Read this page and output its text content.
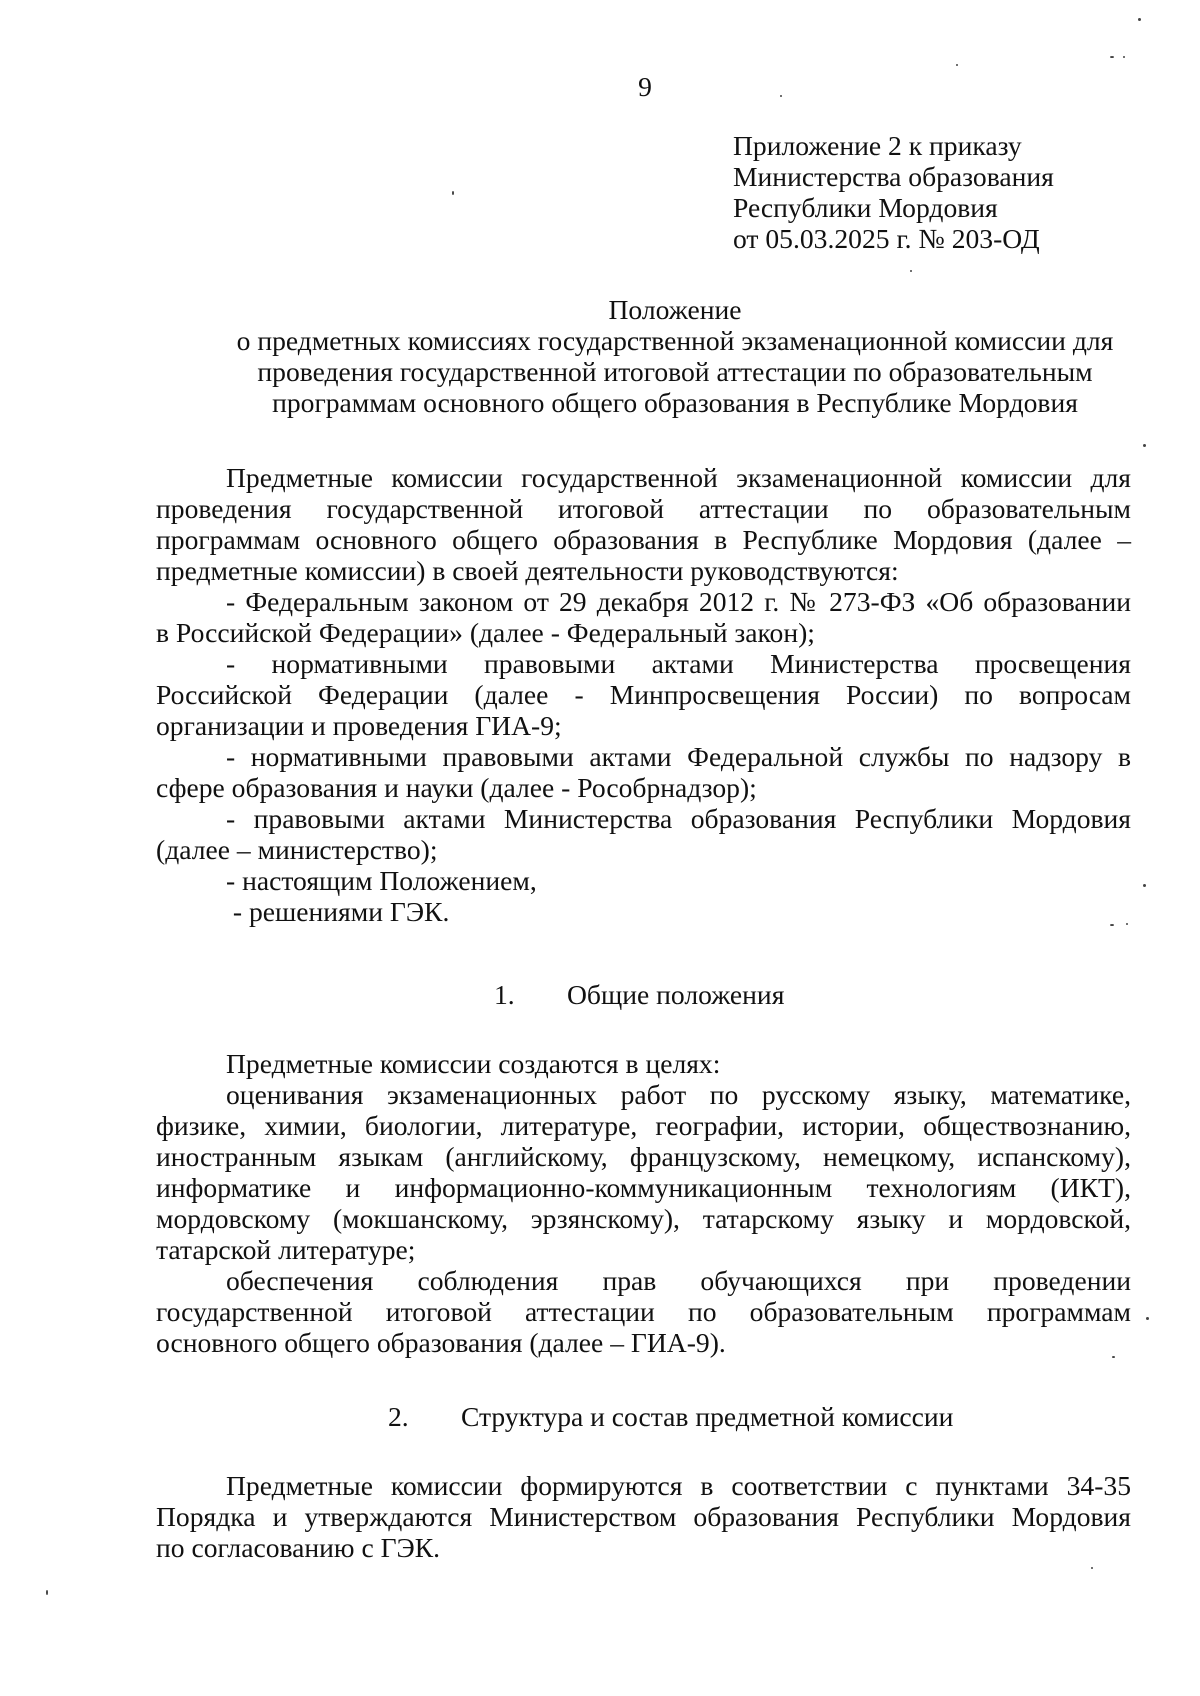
9
Приложение 2 к приказу
Министерства образования
Республики Мордовия
от 05.03.2025 г. № 203-ОД
Положение
о предметных комиссиях государственной экзаменационной комиссии для
проведения государственной итоговой аттестации по образовательным
программам основного общего образования в Республике Мордовия
Предметные комиссии государственной экзаменационной комиссии для
проведения государственной итоговой аттестации по образовательным
программам основного общего образования в Республике Мордовия (далее –
предметные комиссии) в своей деятельности руководствуются:
- Федеральным законом от 29 декабря 2012 г. № 273-ФЗ «Об образовании
в Российской Федерации» (далее - Федеральный закон);
- нормативными правовыми актами Министерства просвещения
Российской Федерации (далее - Минпросвещения России) по вопросам
организации и проведения ГИА-9;
- нормативными правовыми актами Федеральной службы по надзору в
сфере образования и науки (далее - Рособрнадзор);
- правовыми актами Министерства образования Республики Мордовия
(далее – министерство);
- настоящим Положением,
- решениями ГЭК.
1. Общие положения
Предметные комиссии создаются в целях:
оценивания экзаменационных работ по русскому языку, математике,
физике, химии, биологии, литературе, географии, истории, обществознанию,
иностранным языкам (английскому, французскому, немецкому, испанскому),
информатике и информационно-коммуникационным технологиям (ИКТ),
мордовскому (мокшанскому, эрзянскому), татарскому языку и мордовской,
татарской литературе;
обеспечения соблюдения прав обучающихся при проведении
государственной итоговой аттестации по образовательным программам
основного общего образования (далее – ГИА-9).
2. Структура и состав предметной комиссии
Предметные комиссии формируются в соответствии с пунктами 34-35
Порядка и утверждаются Министерством образования Республики Мордовия
по согласованию с ГЭК.
